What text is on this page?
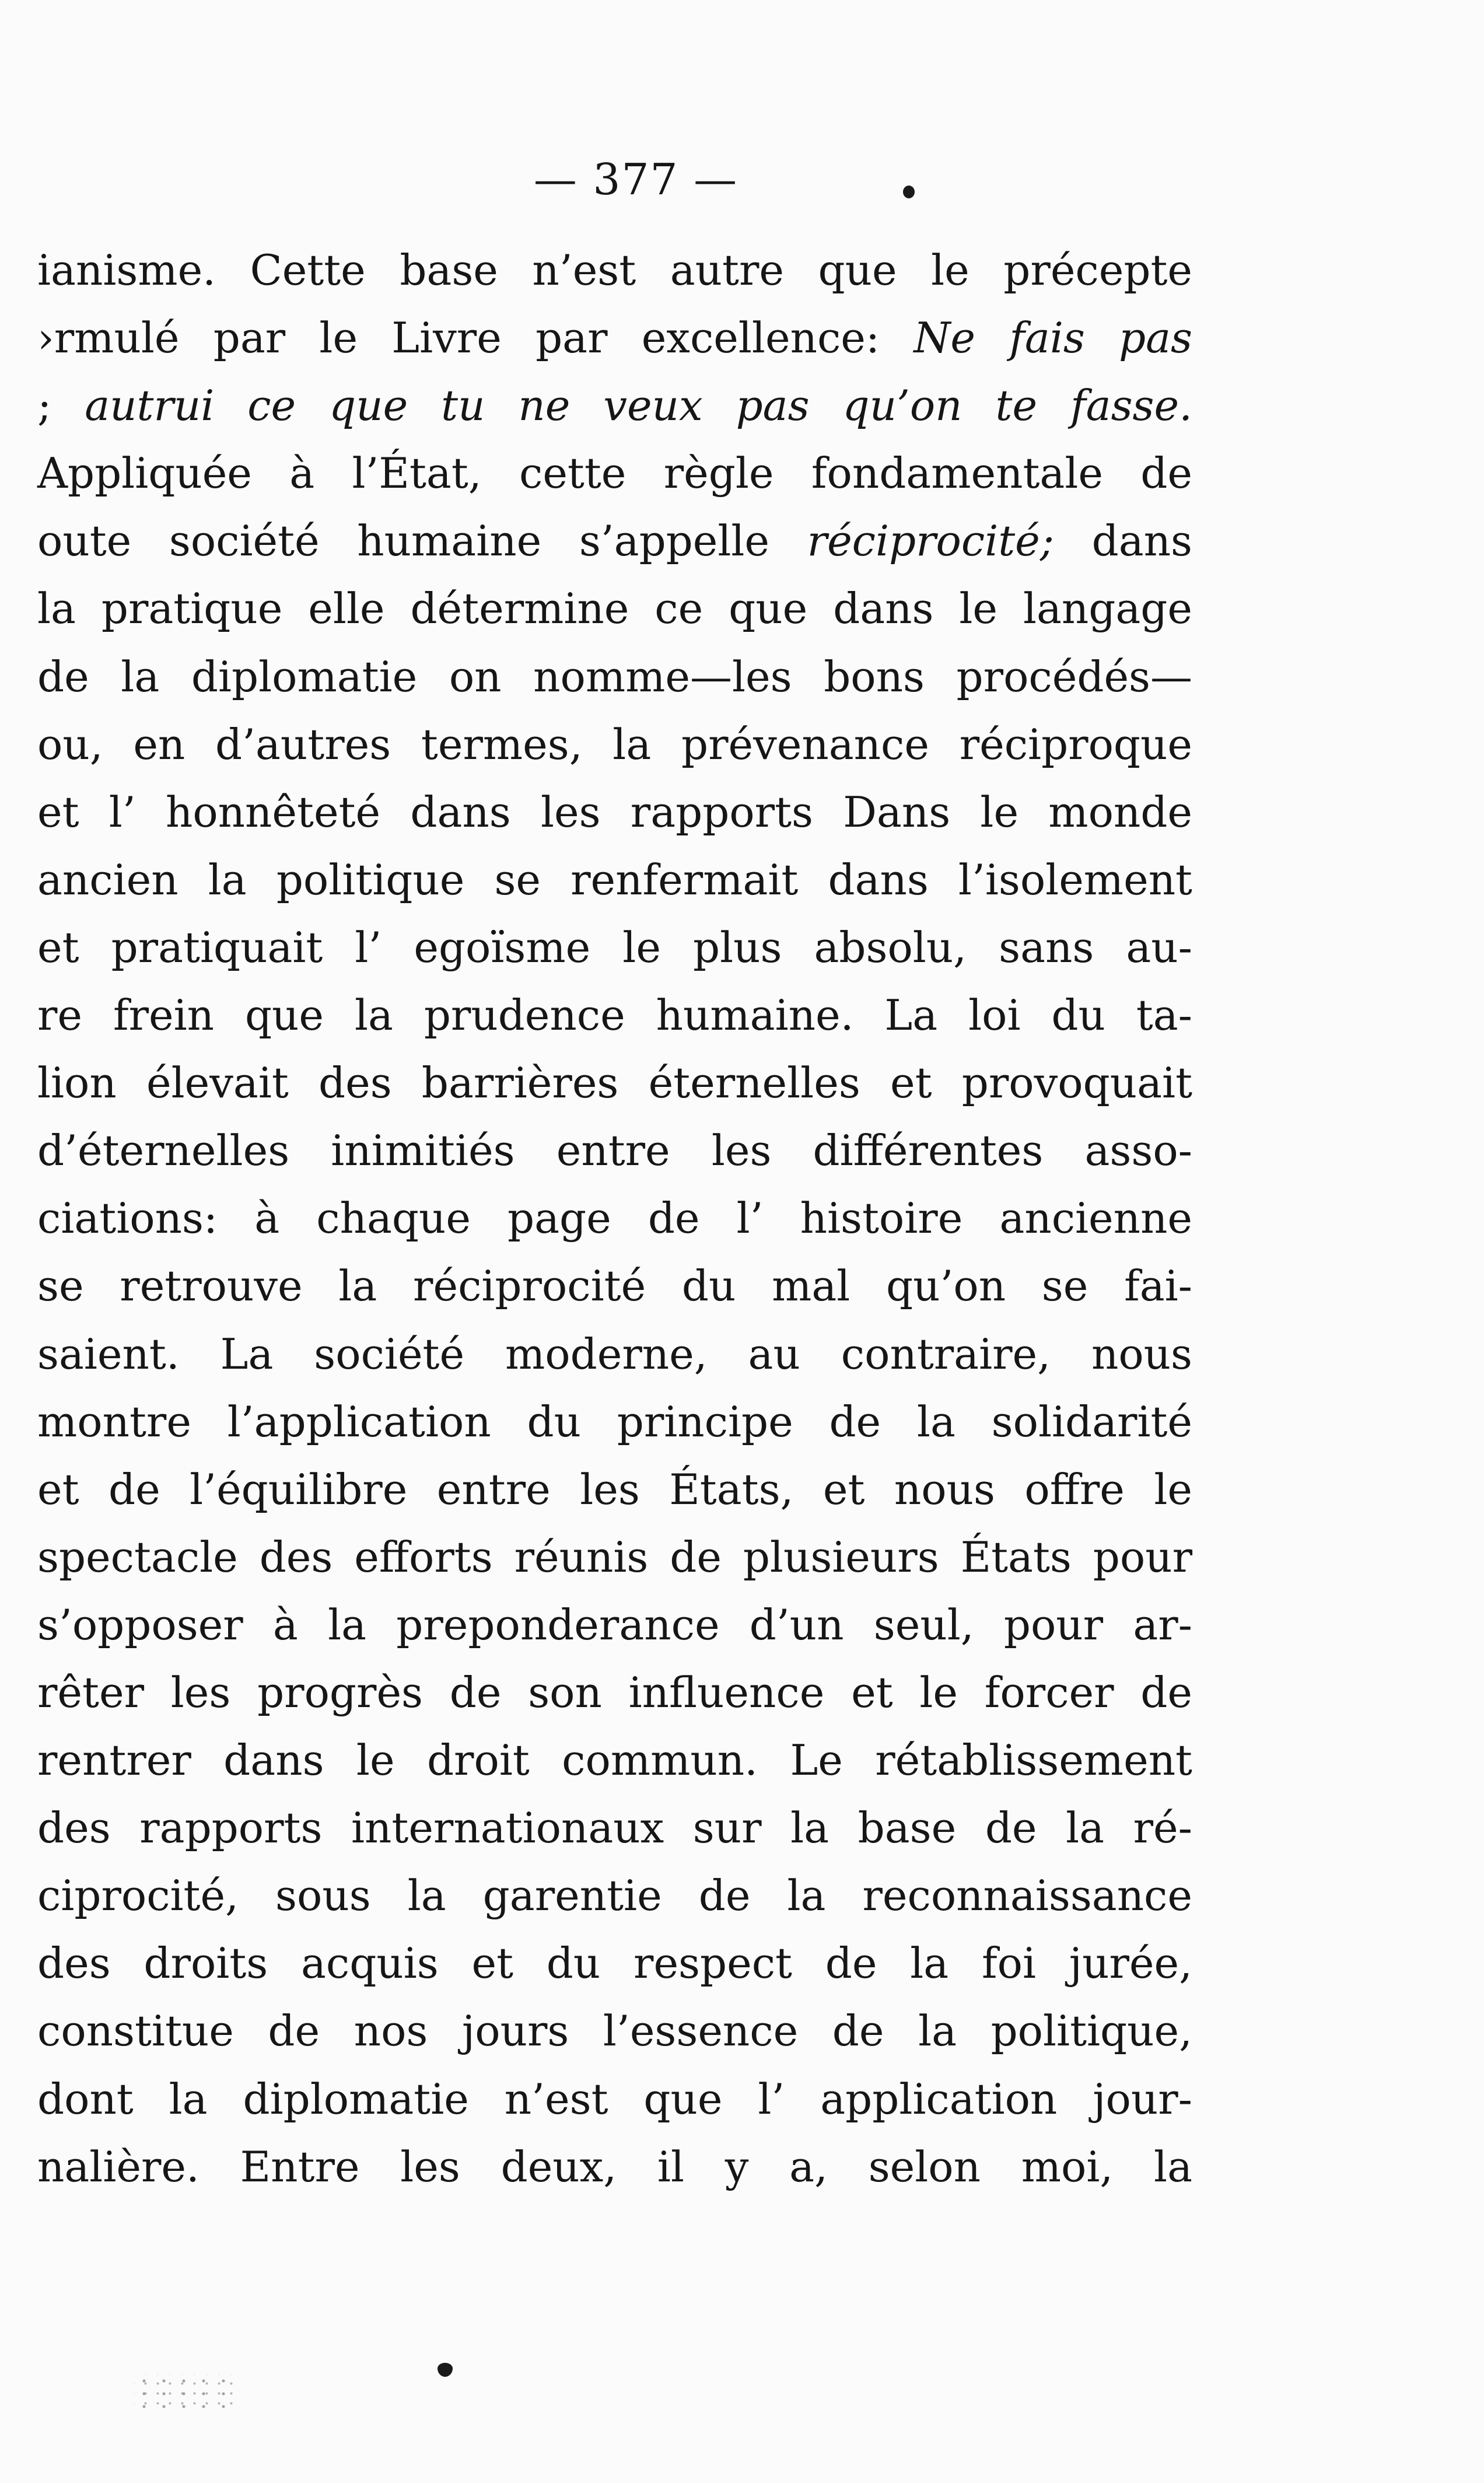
— 377 —
ianisme. Cette base n’est autre que le précepte
›rmulé par le Livre par excellence: Ne fais pas
; autrui ce que tu ne veux pas qu’on te fasse.
Appliquée à l’État, cette règle fondamentale de
oute société humaine s’appelle réciprocité; dans
la pratique elle détermine ce que dans le langage
de la diplomatie on nomme—les bons procédés—
ou, en d’autres termes, la prévenance réciproque
et l’ honnêteté dans les rapports Dans le monde
ancien la politique se renfermait dans l’isolement
et pratiquait l’ egoïsme le plus absolu, sans au-
re frein que la prudence humaine. La loi du ta-
lion élevait des barrières éternelles et provoquait
d’éternelles inimitiés entre les différentes asso-
ciations: à chaque page de l’ histoire ancienne
se retrouve la réciprocité du mal qu’on se fai-
saient. La société moderne, au contraire, nous
montre l’application du principe de la solidarité
et de l’équilibre entre les États, et nous offre le
spectacle des efforts réunis de plusieurs États pour
s’opposer à la preponderance d’un seul, pour ar-
rêter les progrès de son influence et le forcer de
rentrer dans le droit commun. Le rétablissement
des rapports internationaux sur la base de la ré-
ciprocité, sous la garentie de la reconnaissance
des droits acquis et du respect de la foi jurée,
constitue de nos jours l’essence de la politique,
dont la diplomatie n’est que l’ application jour-
nalière. Entre les deux, il y a, selon moi, la
